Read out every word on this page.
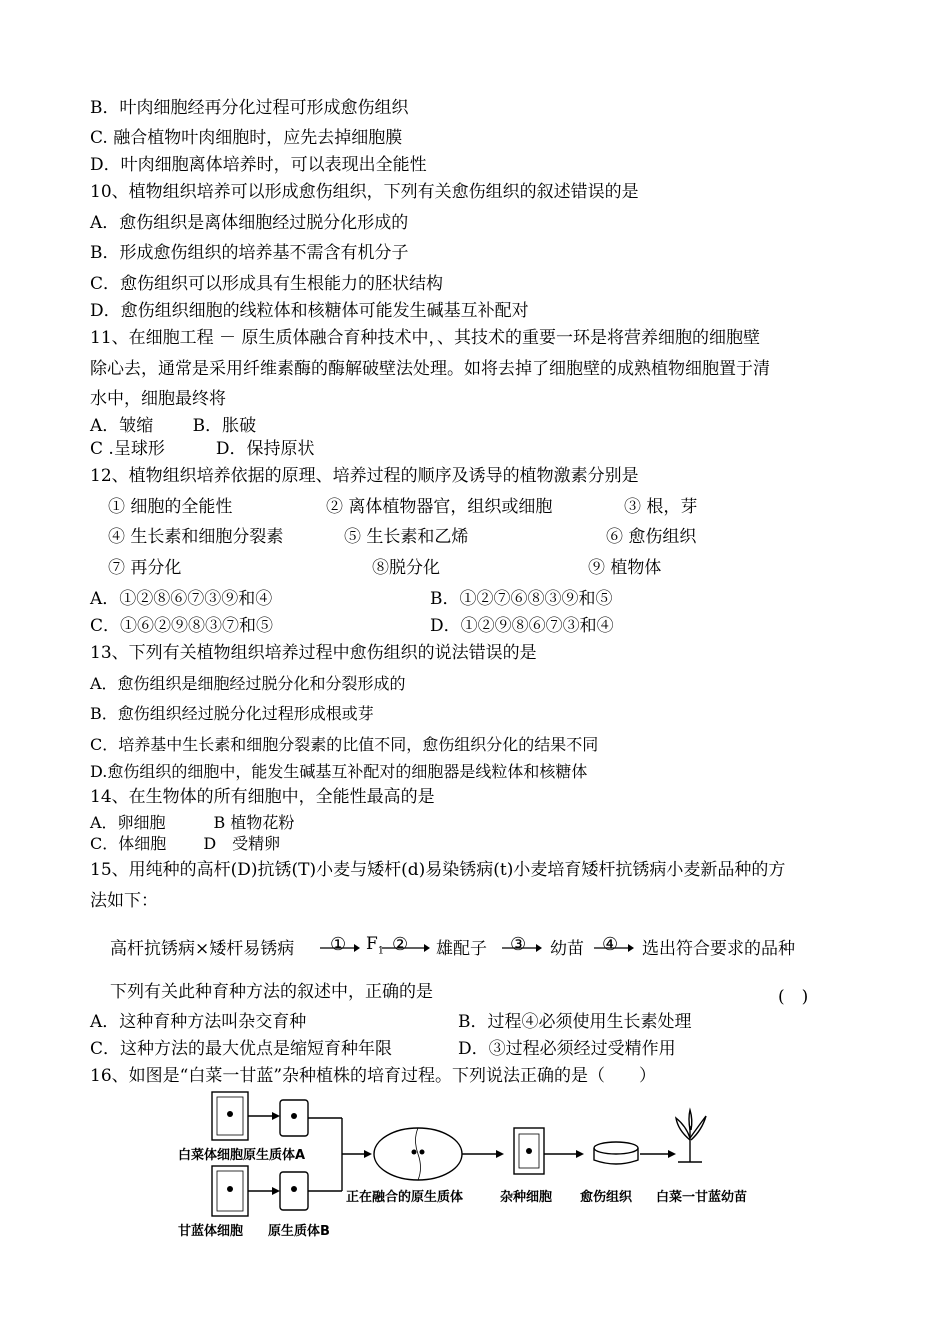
B．叶肉细胞经再分化过程可形成愈伤组织
C. 融合植物叶肉细胞时，应先去掉细胞膜
D．叶肉细胞离体培养时，可以表现出全能性
10、植物组织培养可以形成愈伤组织，下列有关愈伤组织的叙述错误的是
A．愈伤组织是离体细胞经过脱分化形成的
B．形成愈伤组织的培养基不需含有机分子
C．愈伤组织可以形成具有生根能力的胚状结构
D．愈伤组织细胞的线粒体和核糖体可能发生碱基互补配对
11、在细胞工程 － 原生质体融合育种技术中，、其技术的重要一环是将营养细胞的细胞壁
除心去，通常是采用纤维素酶的酶解破壁法处理。如将去掉了细胞壁的成熟植物细胞置于清
水中，细胞最终将
A．皱缩　　 B．胀破
C .呈球形　　　D．保持原状
12、植物组织培养依据的原理、培养过程的顺序及诱导的植物激素分别是
① 细胞的全能性	② 离体植物器官，组织或细胞	③ 根，芽
④ 生长素和细胞分裂素	⑤ 生长素和乙烯	⑥ 愈伤组织
⑦ 再分化	⑧脱分化	⑨ 植物体
A．①②⑧⑥⑦③⑨和④	B．①②⑦⑥⑧③⑨和⑤
C．①⑥②⑨⑧③⑦和⑤	D．①②⑨⑧⑥⑦③和④
13、下列有关植物组织培养过程中愈伤组织的说法错误的是
A．愈伤组织是细胞经过脱分化和分裂形成的
B．愈伤组织经过脱分化过程形成根或芽
C．培养基中生长素和细胞分裂素的比值不同，愈伤组织分化的结果不同
D.愈伤组织的细胞中，能发生碱基互补配对的细胞器是线粒体和核糖体
14、在生物体的所有细胞中，全能性最高的是
A．卵细胞　　　B 植物花粉
C．体细胞　　 D　受精卵
15、用纯种的高杆(D)抗锈(T)小麦与矮杆(d)易染锈病(t)小麦培育矮杆抗锈病小麦新品种的方
法如下：
高杆抗锈病×矮杆易锈病 ① $F_1$ ② 雄配子 ③ 幼苗 ④ 选出符合要求的品种
下列有关此种育种方法的叙述中，正确的是	(　)
A．这种育种方法叫杂交育种	B．过程④必须使用生长素处理
C．这种方法的最大优点是缩短育种年限	D．③过程必须经过受精作用
16、如图是“白菜一甘蓝”杂种植株的培育过程。下列说法正确的是（　　）
白菜体细胞原生质体A
甘蓝体细胞 原生质体B
正在融合的原生质体	杂种细胞 愈伤组织 白菜一甘蓝幼苗
